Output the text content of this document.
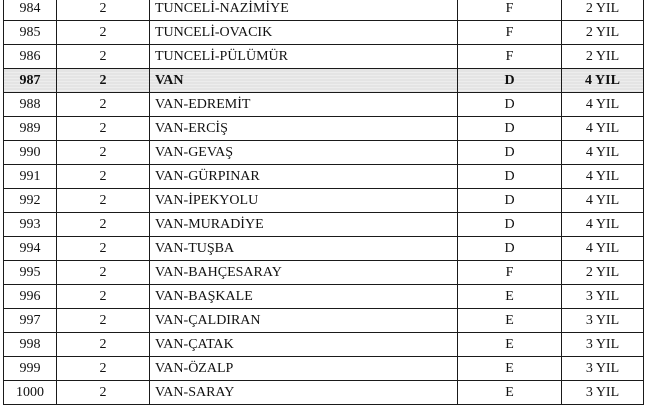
984	2	TUNCELİ-NAZİMİYE	F	2 YIL
985	2	TUNCELİ-OVACIK	F	2 YIL
986	2	TUNCELİ-PÜLÜMÜR	F	2 YIL
987	2	VAN	D	4 YIL
988	2	VAN-EDREMİT	D	4 YIL
989	2	VAN-ERCİŞ	D	4 YIL
990	2	VAN-GEVAŞ	D	4 YIL
991	2	VAN-GÜRPINAR	D	4 YIL
992	2	VAN-İPEKYOLU	D	4 YIL
993	2	VAN-MURADİYE	D	4 YIL
994	2	VAN-TUŞBA	D	4 YIL
995	2	VAN-BAHÇESARAY	F	2 YIL
996	2	VAN-BAŞKALE	E	3 YIL
997	2	VAN-ÇALDIRAN	E	3 YIL
998	2	VAN-ÇATAK	E	3 YIL
999	2	VAN-ÖZALP	E	3 YIL
1000	2	VAN-SARAY	E	3 YIL
